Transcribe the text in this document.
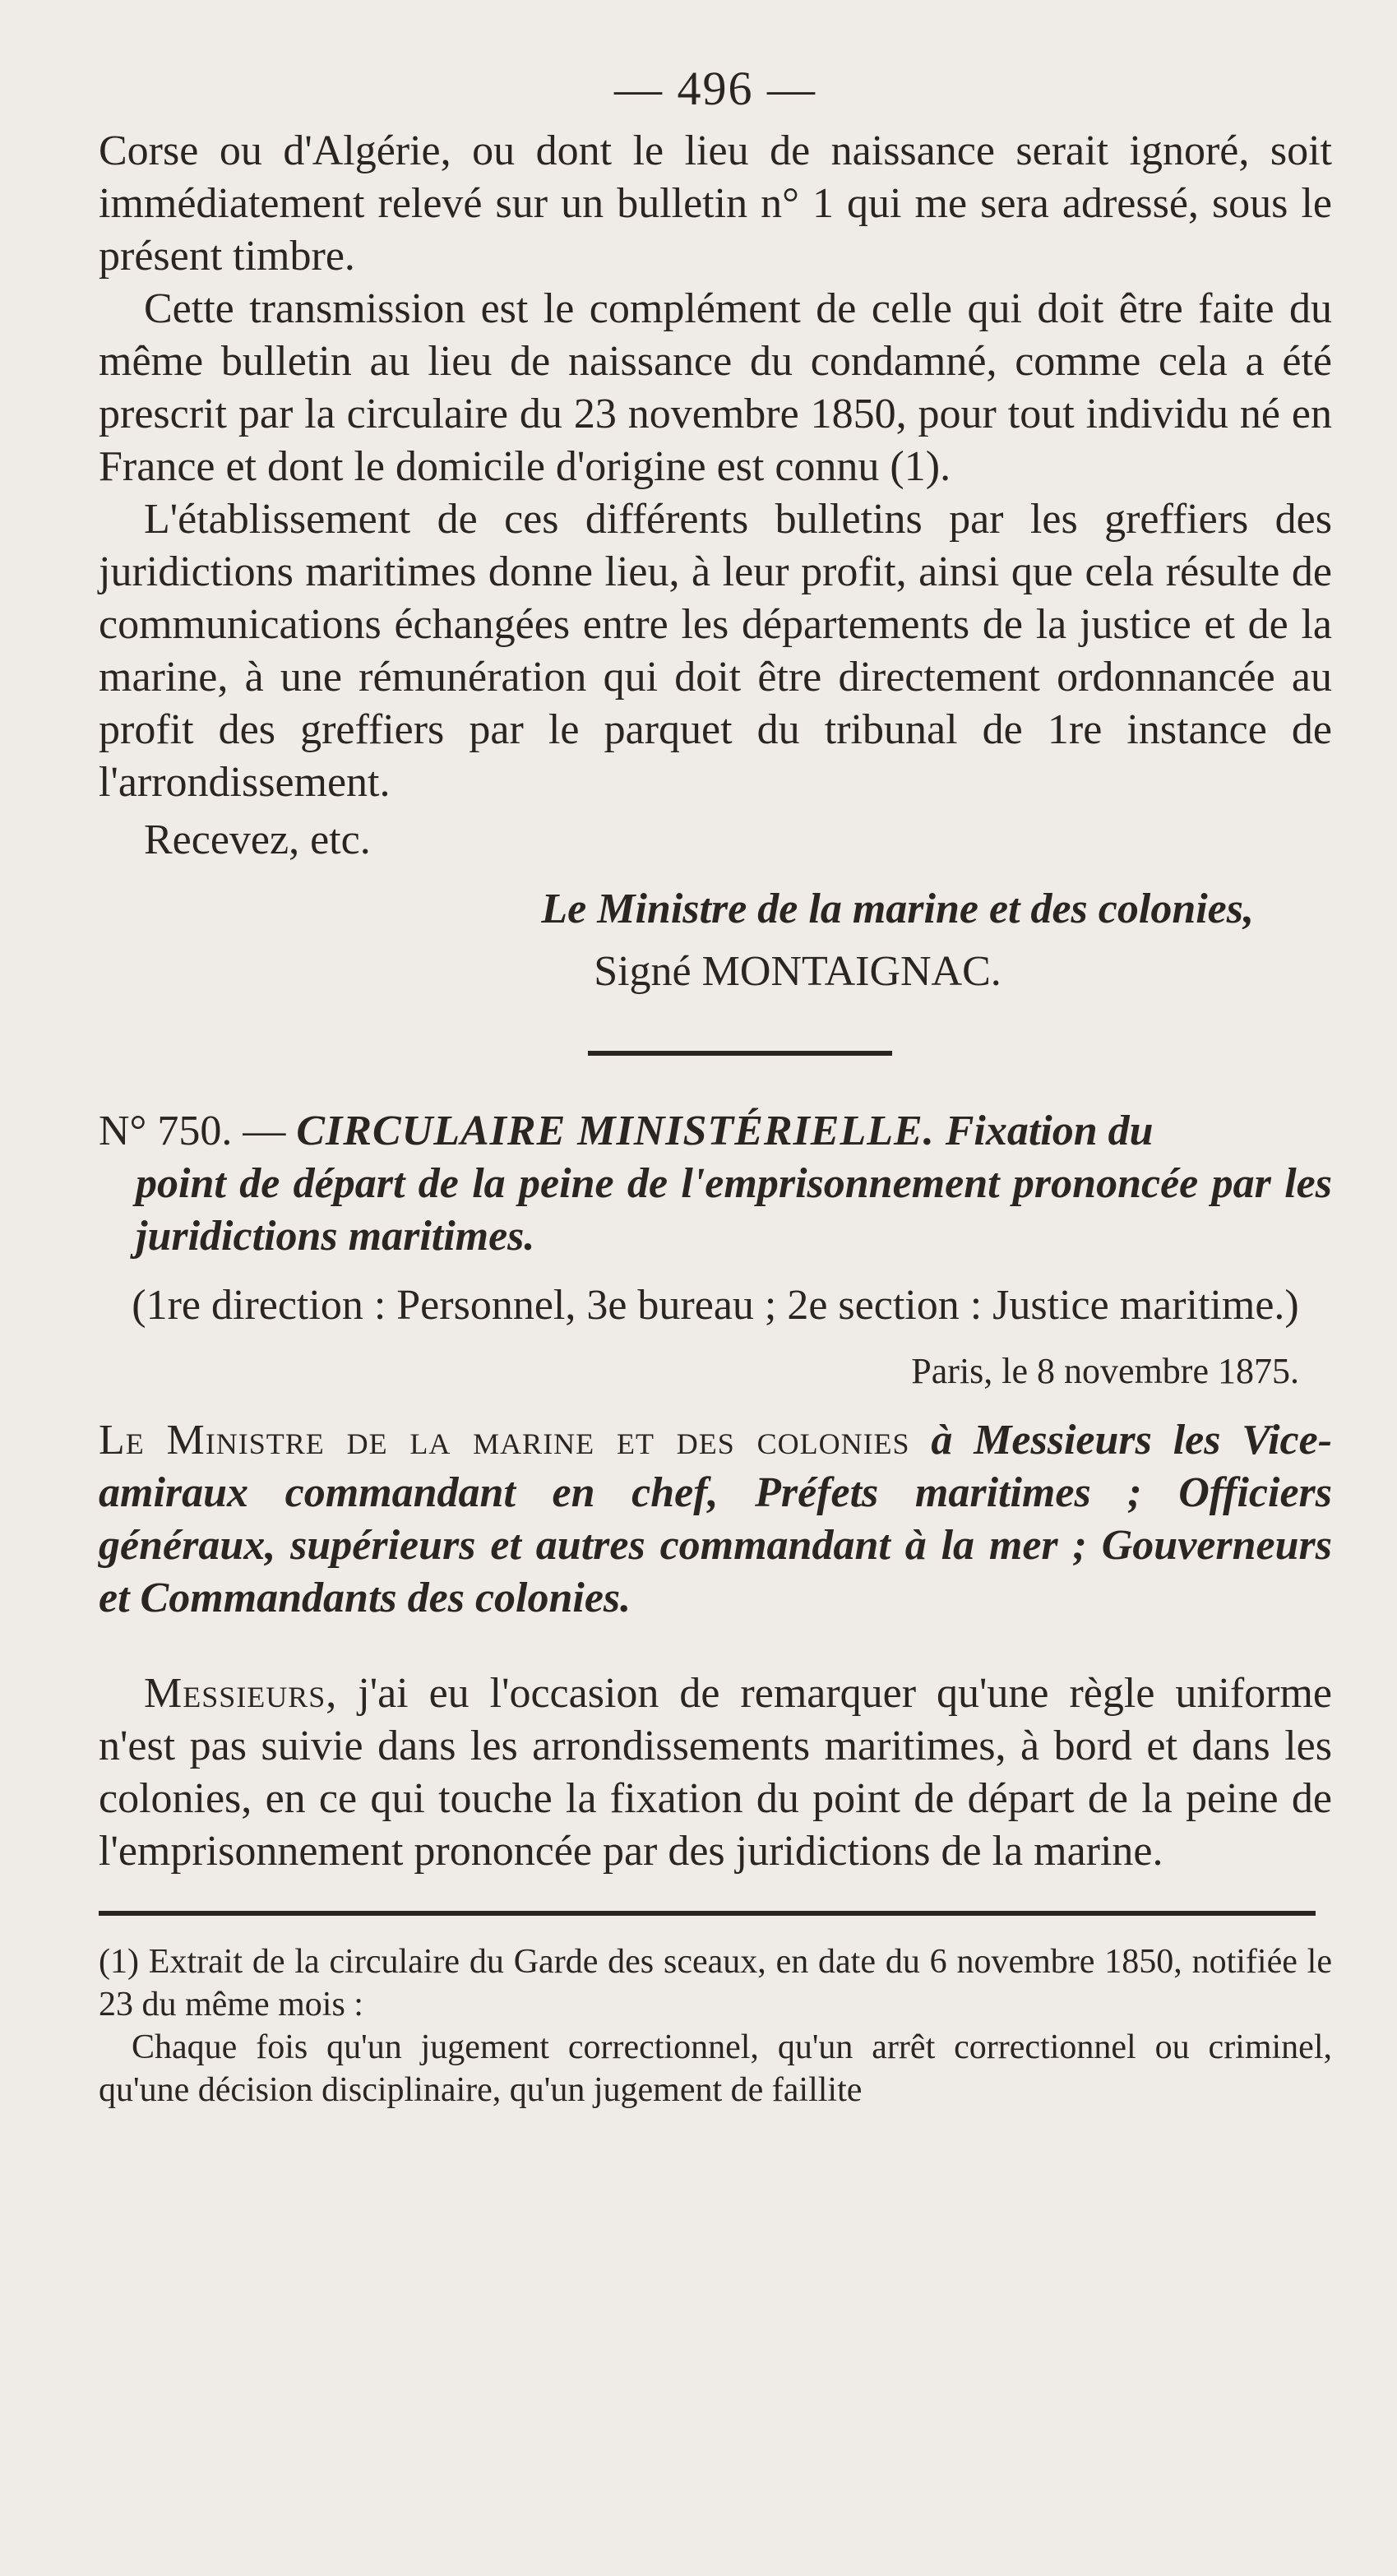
— 496 —

Corse ou d'Algérie, ou dont le lieu de naissance serait ignoré, soit immédiatement relevé sur un bulletin n° 1 qui me sera adressé, sous le présent timbre.

Cette transmission est le complément de celle qui doit être faite du même bulletin au lieu de naissance du condamné, comme cela a été prescrit par la circulaire du 23 novembre 1850, pour tout individu né en France et dont le domicile d'origine est connu (1).

L'établissement de ces différents bulletins par les greffiers des juridictions maritimes donne lieu, à leur profit, ainsi que cela résulte de communications échangées entre les départements de la justice et de la marine, à une rémunération qui doit être directement ordonnancée au profit des greffiers par le parquet du tribunal de 1re instance de l'arrondissement.

Recevez, etc.

Le Ministre de la marine et des colonies,

Signé MONTAIGNAC.

N° 750. — CIRCULAIRE MINISTÉRIELLE. Fixation du
point de départ de la peine de l'emprisonnement prononcée par les juridictions maritimes.

(1re direction : Personnel, 3e bureau ; 2e section : Justice maritime.)

Paris, le 8 novembre 1875.

Le Ministre de la marine et des colonies à Messieurs les Vice-amiraux commandant en chef, Préfets maritimes ; Officiers généraux, supérieurs et autres commandant à la mer ; Gouverneurs et Commandants des colonies.

Messieurs, j'ai eu l'occasion de remarquer qu'une règle uniforme n'est pas suivie dans les arrondissements maritimes, à bord et dans les colonies, en ce qui touche la fixation du point de départ de la peine de l'emprisonnement prononcée par des juridictions de la marine.

(1) Extrait de la circulaire du Garde des sceaux, en date du 6 novembre 1850, notifiée le 23 du même mois :

Chaque fois qu'un jugement correctionnel, qu'un arrêt correctionnel ou criminel, qu'une décision disciplinaire, qu'un jugement de faillite
